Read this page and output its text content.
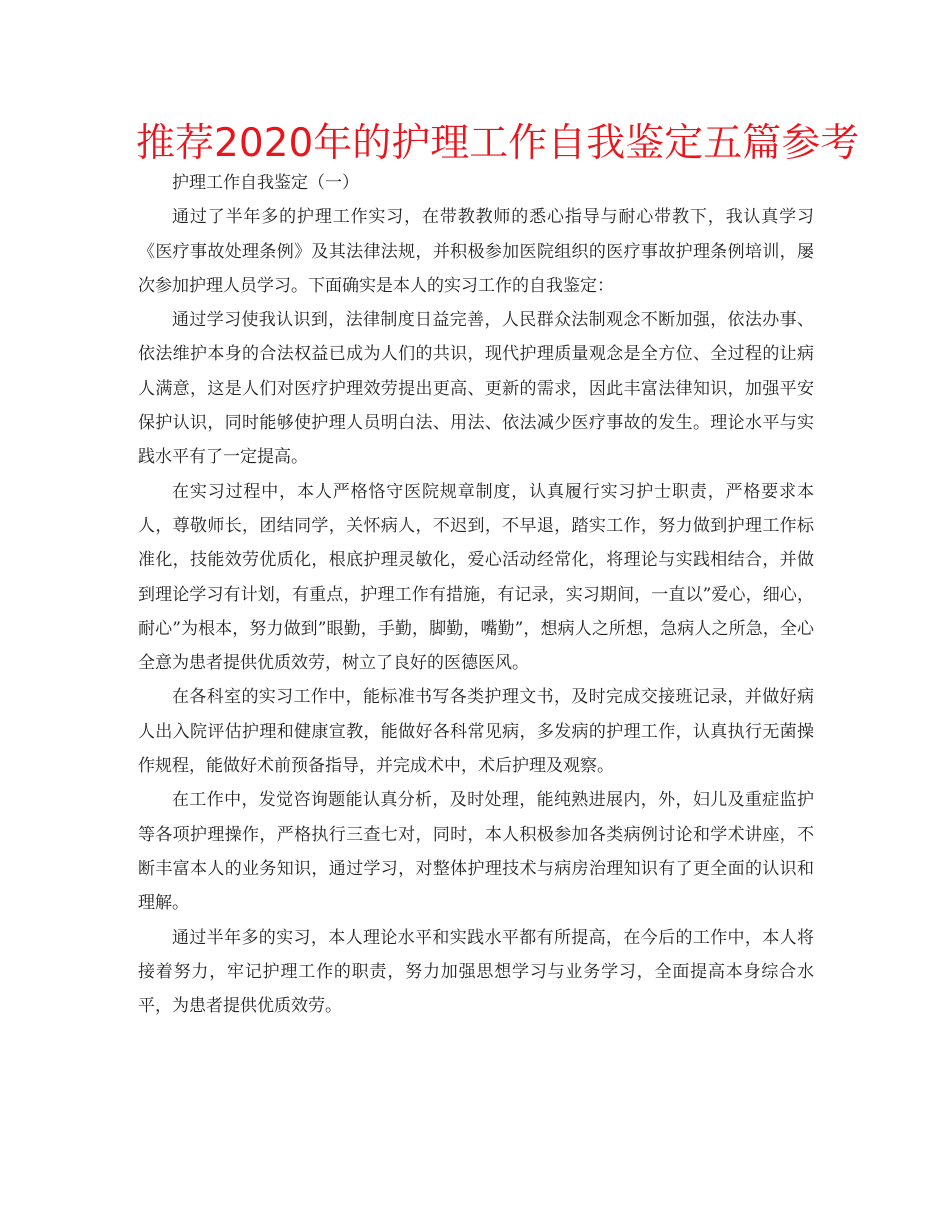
推荐2020年的护理工作自我鉴定五篇参考

护理工作自我鉴定（一）

通过了半年多的护理工作实习，在带教教师的悉心指导与耐心带教下，我认真学习《医疗事故处理条例》及其法律法规，并积极参加医院组织的医疗事故护理条例培训，屡次参加护理人员学习。下面确实是本人的实习工作的自我鉴定：

通过学习使我认识到，法律制度日益完善，人民群众法制观念不断加强，依法办事、依法维护本身的合法权益已成为人们的共识，现代护理质量观念是全方位、全过程的让病人满意，这是人们对医疗护理效劳提出更高、更新的需求，因此丰富法律知识，加强平安保护认识，同时能够使护理人员明白法、用法、依法减少医疗事故的发生。理论水平与实践水平有了一定提高。

在实习过程中，本人严格恪守医院规章制度，认真履行实习护士职责，严格要求本人，尊敬师长，团结同学，关怀病人，不迟到，不早退，踏实工作，努力做到护理工作标准化，技能效劳优质化，根底护理灵敏化，爱心活动经常化，将理论与实践相结合，并做到理论学习有计划，有重点，护理工作有措施，有记录，实习期间，一直以”爱心，细心，耐心”为根本，努力做到”眼勤，手勤，脚勤，嘴勤”，想病人之所想，急病人之所急，全心全意为患者提供优质效劳，树立了良好的医德医风。

在各科室的实习工作中，能标准书写各类护理文书，及时完成交接班记录，并做好病人出入院评估护理和健康宣教，能做好各科常见病，多发病的护理工作，认真执行无菌操作规程，能做好术前预备指导，并完成术中，术后护理及观察。

在工作中，发觉咨询题能认真分析，及时处理，能纯熟进展内，外，妇儿及重症监护等各项护理操作，严格执行三查七对，同时，本人积极参加各类病例讨论和学术讲座，不断丰富本人的业务知识，通过学习，对整体护理技术与病房治理知识有了更全面的认识和理解。

通过半年多的实习，本人理论水平和实践水平都有所提高，在今后的工作中，本人将接着努力，牢记护理工作的职责，努力加强思想学习与业务学习，全面提高本身综合水平，为患者提供优质效劳。
